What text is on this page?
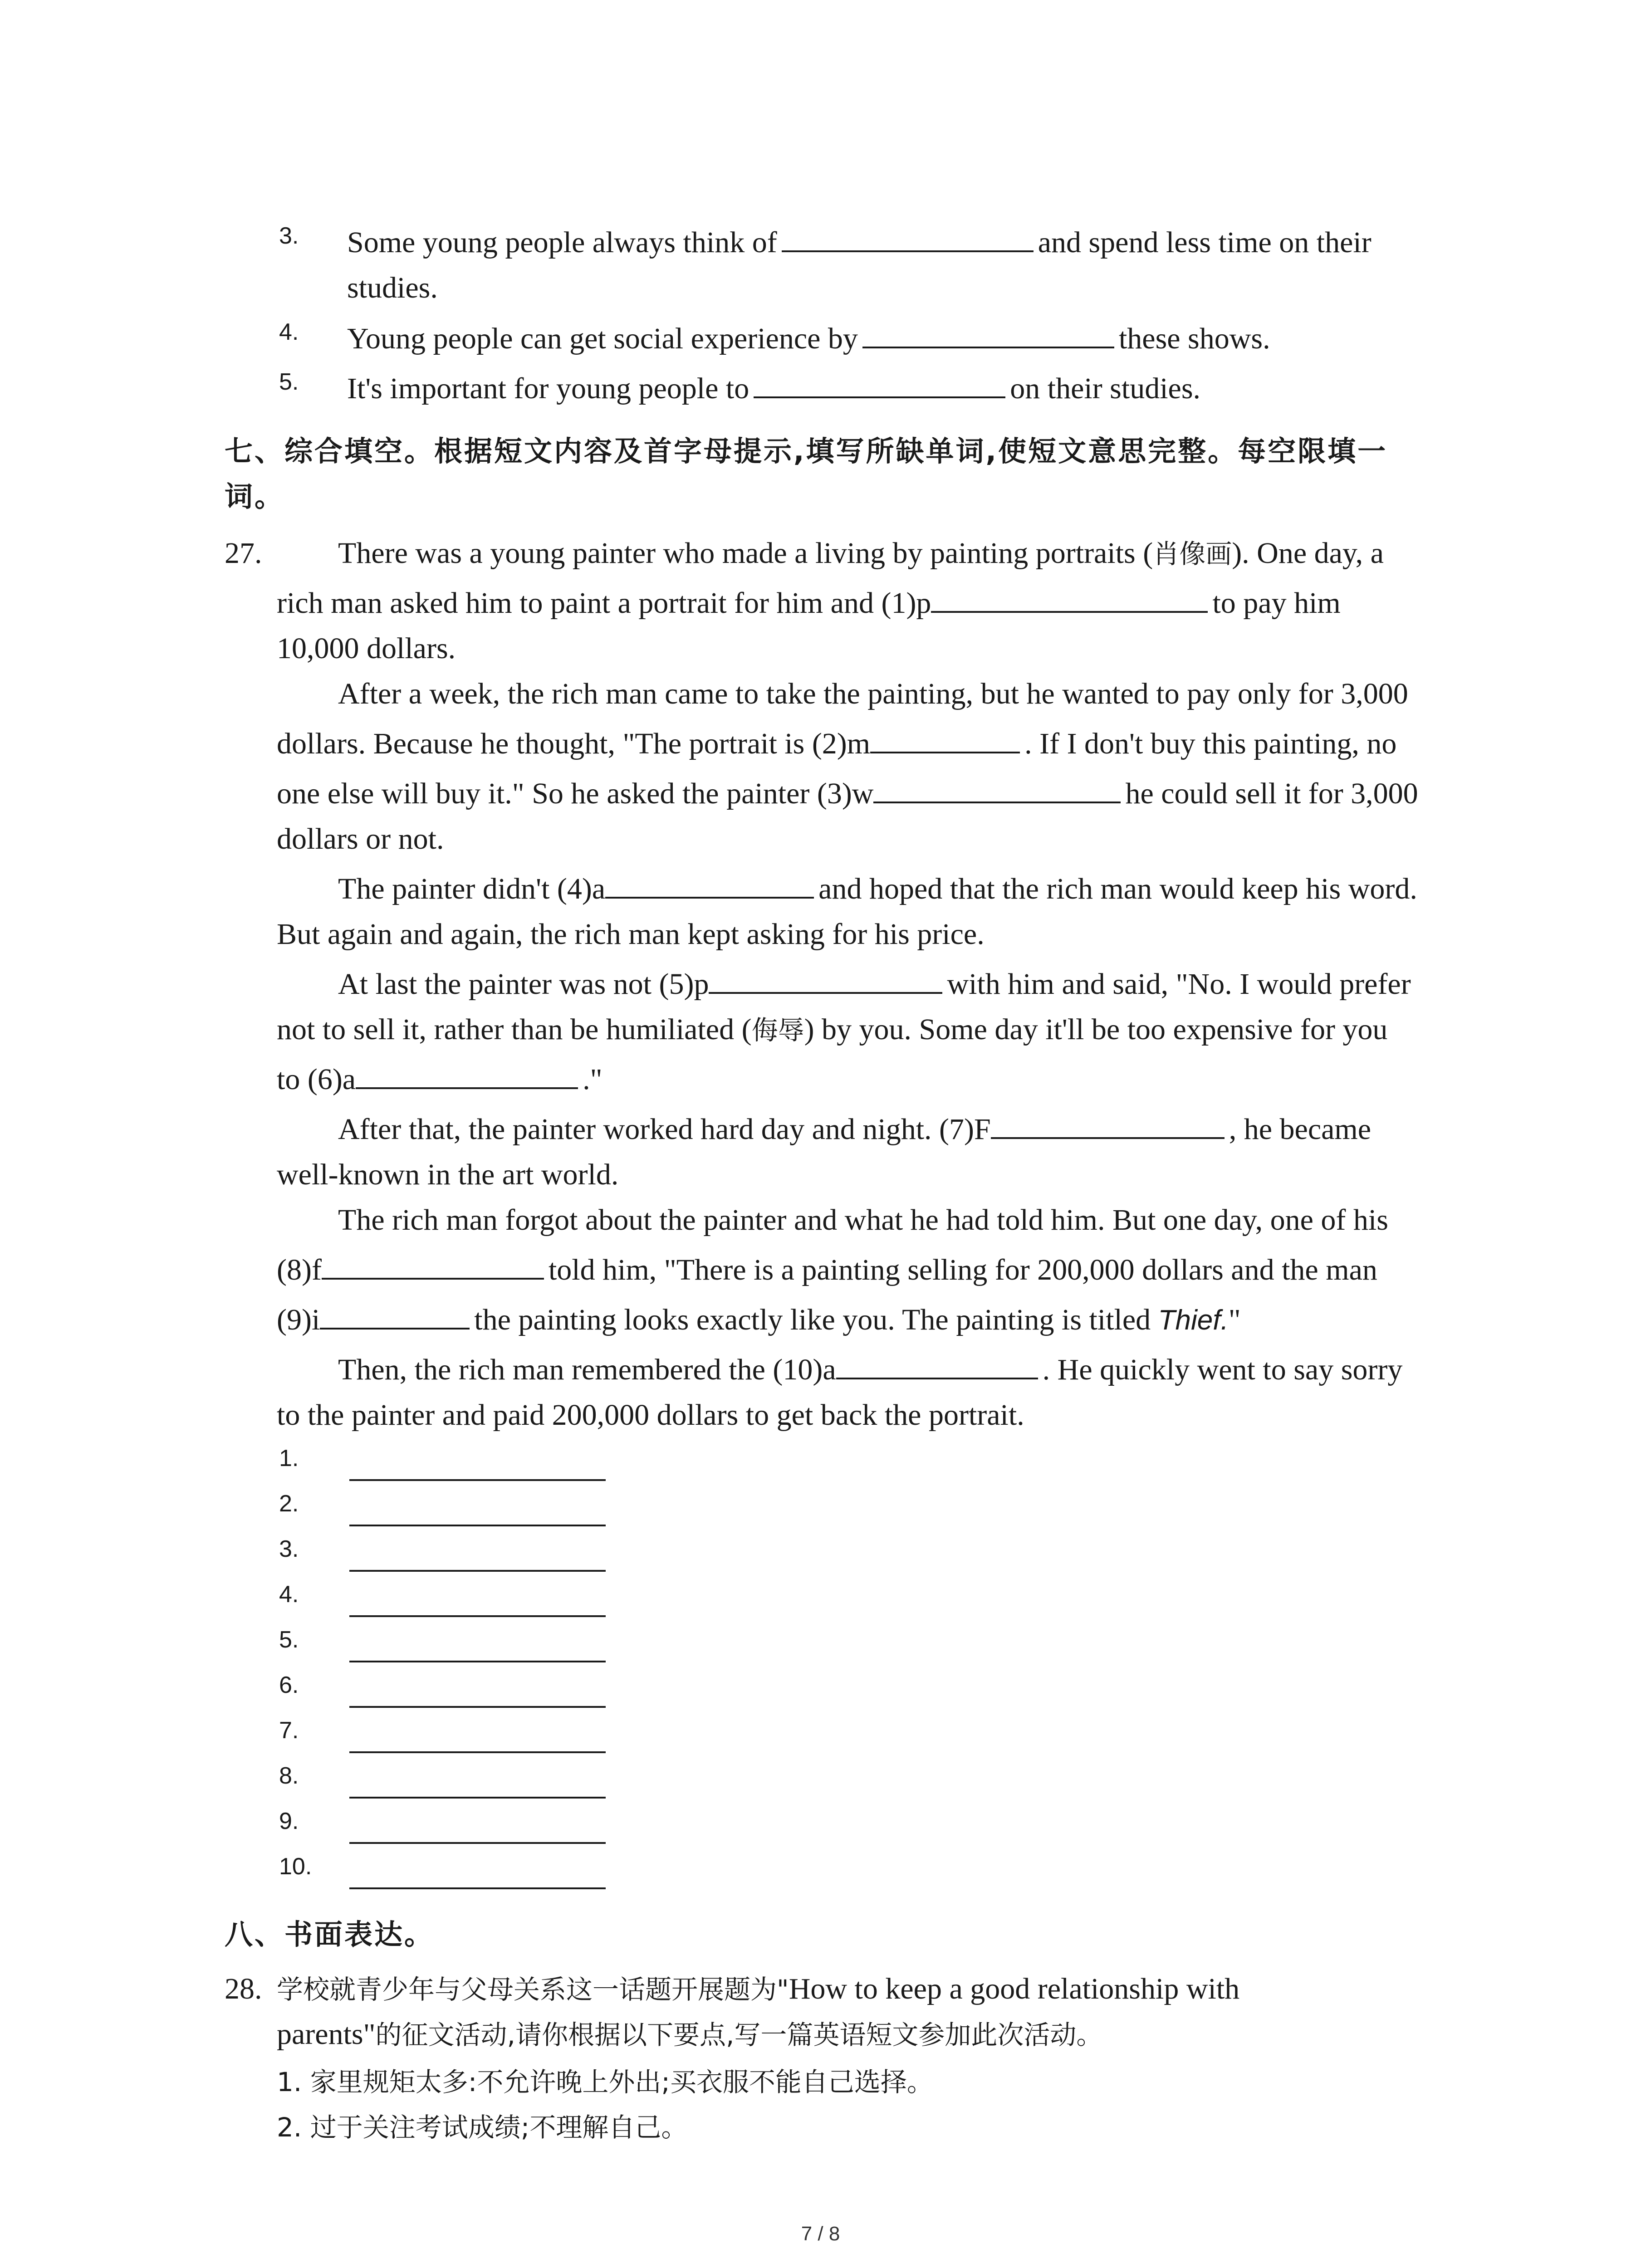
3. Some young people always think of	and spend less time on their
studies.
4. Young people can get social experience by	these shows.
5. It's important for young people to	on their studies.
七、综合填空。根据短文内容及首字母提示,填写所缺单词,使短文意思完整。每空限填一
词。
27.	There was a young painter who made a living by painting portraits (肖像画). One day, a
rich man asked him to paint a portrait for him and (1)p	to pay him
10,000 dollars.
After a week, the rich man came to take the painting, but he wanted to pay only for 3,000
dollars. Because he thought, "The portrait is (2)m	. If I don't buy this painting, no
one else will buy it." So he asked the painter (3)w	he could sell it for 3,000
dollars or not.
The painter didn't (4)a	and hoped that the rich man would keep his word.
But again and again, the rich man kept asking for his price.
At last the painter was not (5)p	with him and said, "No. I would prefer
not to sell it, rather than be humiliated (侮辱) by you. Some day it'll be too expensive for you
to (6)a	."
After that, the painter worked hard day and night. (7)F	, he became
well-known in the art world.
The rich man forgot about the painter and what he had told him. But one day, one of his
(8)f	told him, "There is a painting selling for 200,000 dollars and the man
(9)i	the painting looks exactly like you. The painting is titled Thief."
Then, the rich man remembered the (10)a	. He quickly went to say sorry
to the painter and paid 200,000 dollars to get back the portrait.
1.
2.
3.
4.
5.
6.
7.
8.
9.
10.
八、书面表达。
28. 学校就青少年与父母关系这一话题开展题为"How to keep a good relationship with
parents"的征文活动,请你根据以下要点,写一篇英语短文参加此次活动。
1. 家里规矩太多:不允许晚上外出;买衣服不能自己选择。
2. 过于关注考试成绩;不理解自己。
7 / 8
